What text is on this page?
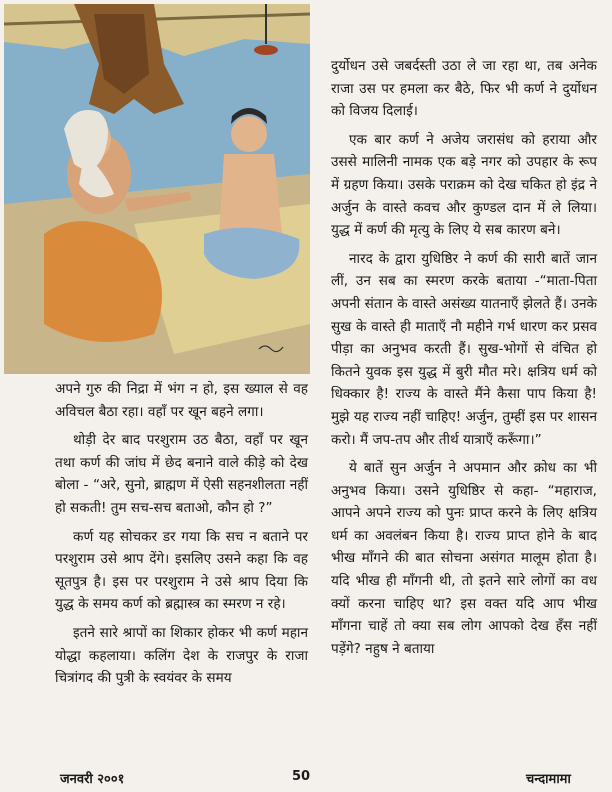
अपने गुरु की निद्रा में भंग न हो, इस ख्याल से वह अविचल बैठा रहा। वहाँ पर खून बहने लगा।

थोड़ी देर बाद परशुराम उठ बैठा, वहाँ पर खून तथा कर्ण की जांघ में छेद बनाने वाले कीड़े को देख बोला - “अरे, सुनो, ब्राह्मण में ऐसी सहनशीलता नहीं हो सकती! तुम सच-सच बताओ, कौन हो ?”

कर्ण यह सोचकर डर गया कि सच न बताने पर परशुराम उसे श्राप देंगे। इसलिए उसने कहा कि वह सूतपुत्र है। इस पर परशुराम ने उसे श्राप दिया कि युद्ध के समय कर्ण को ब्रह्मास्त्र का स्मरण न रहे।

इतने सारे श्रापों का शिकार होकर भी कर्ण महान योद्धा कहलाया। कलिंग देश के राजपुर के राजा चित्रांगद की पुत्री के स्वयंवर के समय

दुर्योधन उसे जबर्दस्ती उठा ले जा रहा था, तब अनेक राजा उस पर हमला कर बैठे, फिर भी कर्ण ने दुर्योधन को विजय दिलाई।

एक बार कर्ण ने अजेय जरासंध को हराया और उससे मालिनी नामक एक बड़े नगर को उपहार के रूप में ग्रहण किया। उसके पराक्रम को देख चकित हो इंद्र ने अर्जुन के वास्ते कवच और कुण्डल दान में ले लिया। युद्ध में कर्ण की मृत्यु के लिए ये सब कारण बने।

नारद के द्वारा युधिष्ठिर ने कर्ण की सारी बातें जान लीं, उन सब का स्मरण करके बताया -“माता-पिता अपनी संतान के वास्ते असंख्य यातनाएँ झेलते हैं। उनके सुख के वास्ते ही माताएँ नौ महीने गर्भ धारण कर प्रसव पीड़ा का अनुभव करती हैं। सुख-भोगों से वंचित हो कितने युवक इस युद्ध में बुरी मौत मरे। क्षत्रिय धर्म को धिक्कार है! राज्य के वास्ते मैंने कैसा पाप किया है! मुझे यह राज्य नहीं चाहिए! अर्जुन, तुम्हीं इस पर शासन करो। मैं जप-तप और तीर्थ यात्राएँ करूँगा।”

ये बातें सुन अर्जुन ने अपमान और क्रोध का भी अनुभव किया। उसने युधिष्ठिर से कहा- “महाराज, आपने अपने राज्य को पुनः प्राप्त करने के लिए क्षत्रिय धर्म का अवलंबन किया है। राज्य प्राप्त होने के बाद भीख माँगने की बात सोचना असंगत मालूम होता है। यदि भीख ही माँगनी थी, तो इतने सारे लोगों का वध क्यों करना चाहिए था? इस वक्त यदि आप भीख माँगना चाहें तो क्या सब लोग आपको देख हँस नहीं पड़ेंगे? नहुष ने बताया

जनवरी २००१	50	चन्दामामा
